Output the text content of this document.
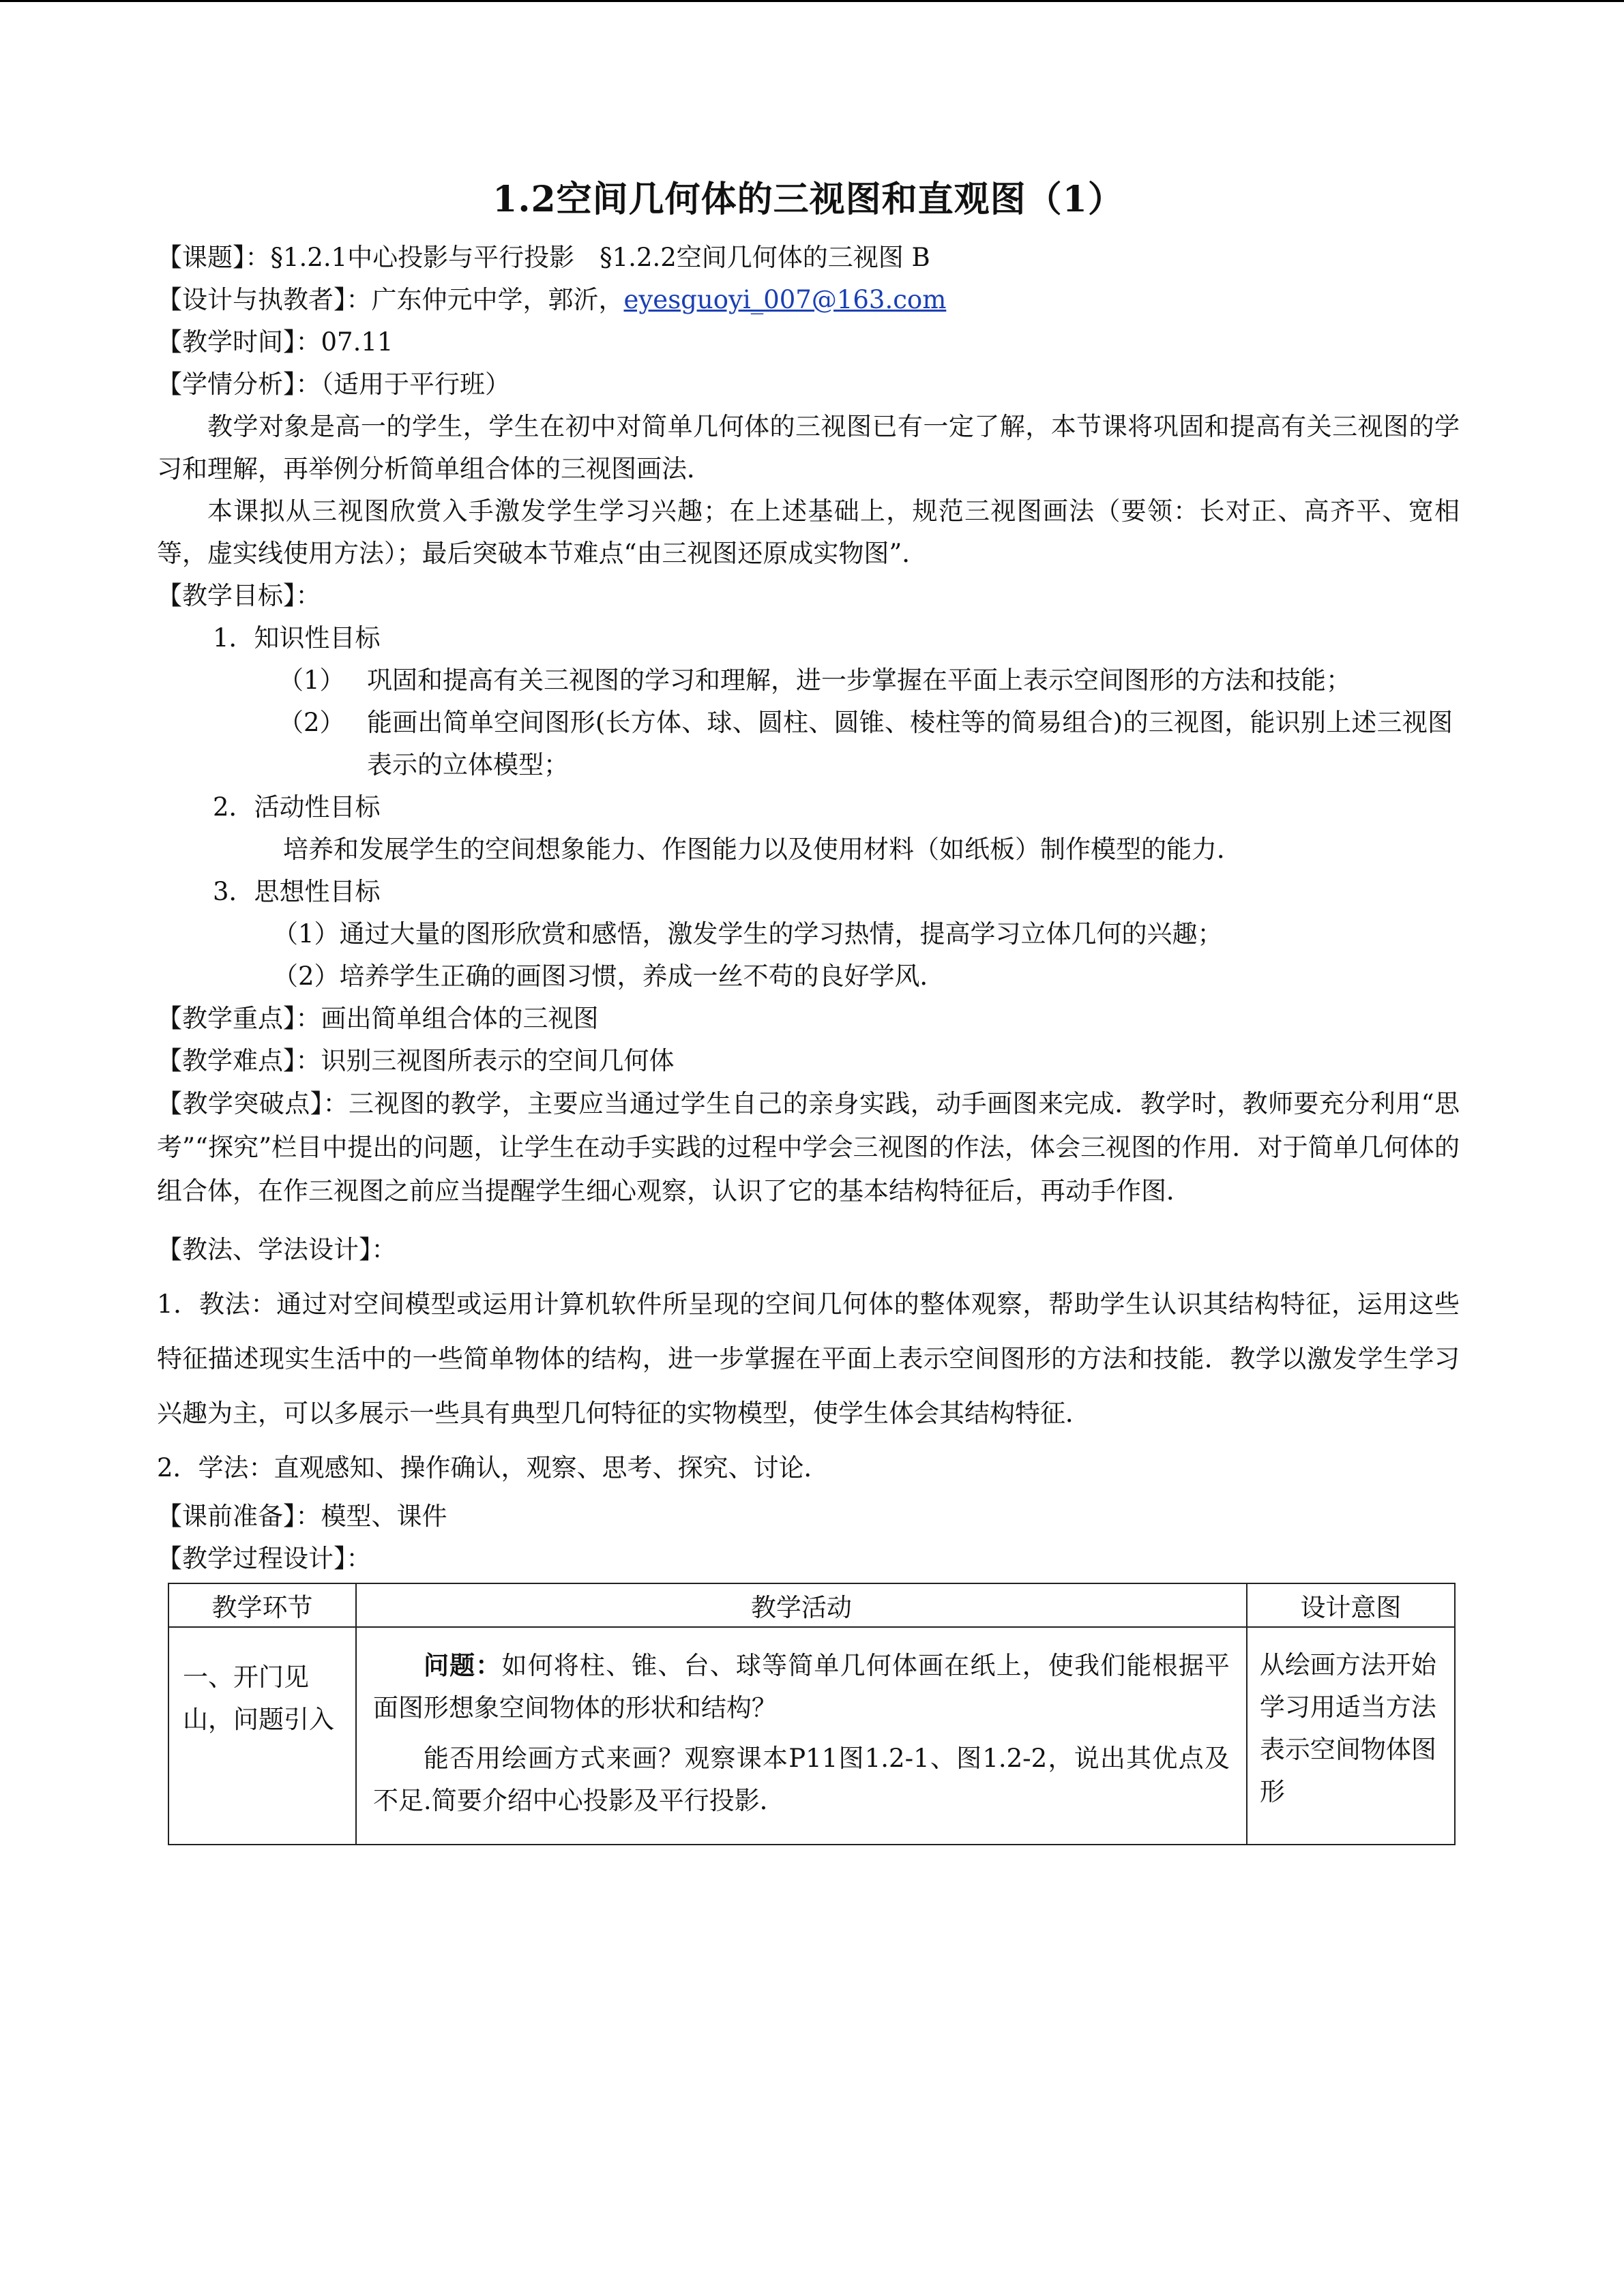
1.2空间几何体的三视图和直观图（1）
【课题】：§1.2.1中心投影与平行投影　§1.2.2空间几何体的三视图 B
【设计与执教者】：广东仲元中学，郭沂，eyesguoyi_007@163.com
【教学时间】：07.11
【学情分析】：（适用于平行班）
教学对象是高一的学生，学生在初中对简单几何体的三视图已有一定了解，本节课将巩固和提高有关三视图的学习和理解，再举例分析简单组合体的三视图画法．
本课拟从三视图欣赏入手激发学生学习兴趣；在上述基础上，规范三视图画法（要领：长对正、高齐平、宽相等，虚实线使用方法）；最后突破本节难点“由三视图还原成实物图”．
【教学目标】：
1．知识性目标
（1） 巩固和提高有关三视图的学习和理解，进一步掌握在平面上表示空间图形的方法和技能；
（2） 能画出简单空间图形(长方体、球、圆柱、圆锥、棱柱等的简易组合)的三视图，能识别上述三视图表示的立体模型；
2．活动性目标
培养和发展学生的空间想象能力、作图能力以及使用材料（如纸板）制作模型的能力．
3．思想性目标
（1）通过大量的图形欣赏和感悟，激发学生的学习热情，提高学习立体几何的兴趣；
（2）培养学生正确的画图习惯，养成一丝不苟的良好学风．
【教学重点】：画出简单组合体的三视图
【教学难点】：识别三视图所表示的空间几何体
【教学突破点】：三视图的教学，主要应当通过学生自己的亲身实践，动手画图来完成．教学时，教师要充分利用“思考”“探究”栏目中提出的问题，让学生在动手实践的过程中学会三视图的作法，体会三视图的作用．对于简单几何体的组合体，在作三视图之前应当提醒学生细心观察，认识了它的基本结构特征后，再动手作图．
【教法、学法设计】：
1．教法：通过对空间模型或运用计算机软件所呈现的空间几何体的整体观察，帮助学生认识其结构特征，运用这些特征描述现实生活中的一些简单物体的结构，进一步掌握在平面上表示空间图形的方法和技能．教学以激发学生学习兴趣为主，可以多展示一些具有典型几何特征的实物模型，使学生体会其结构特征．
2．学法：直观感知、操作确认，观察、思考、探究、讨论．
【课前准备】：模型、课件
【教学过程设计】：
教学环节	教学活动	设计意图
一、开门见山，问题引入	问题：如何将柱、锥、台、球等简单几何体画在纸上，使我们能根据平面图形想象空间物体的形状和结构？

能否用绘画方式来画？观察课本P11图1.2-1、图1.2-2，说出其优点及不足.简要介绍中心投影及平行投影．	从绘画方法开始学习用适当方法表示空间物体图形
